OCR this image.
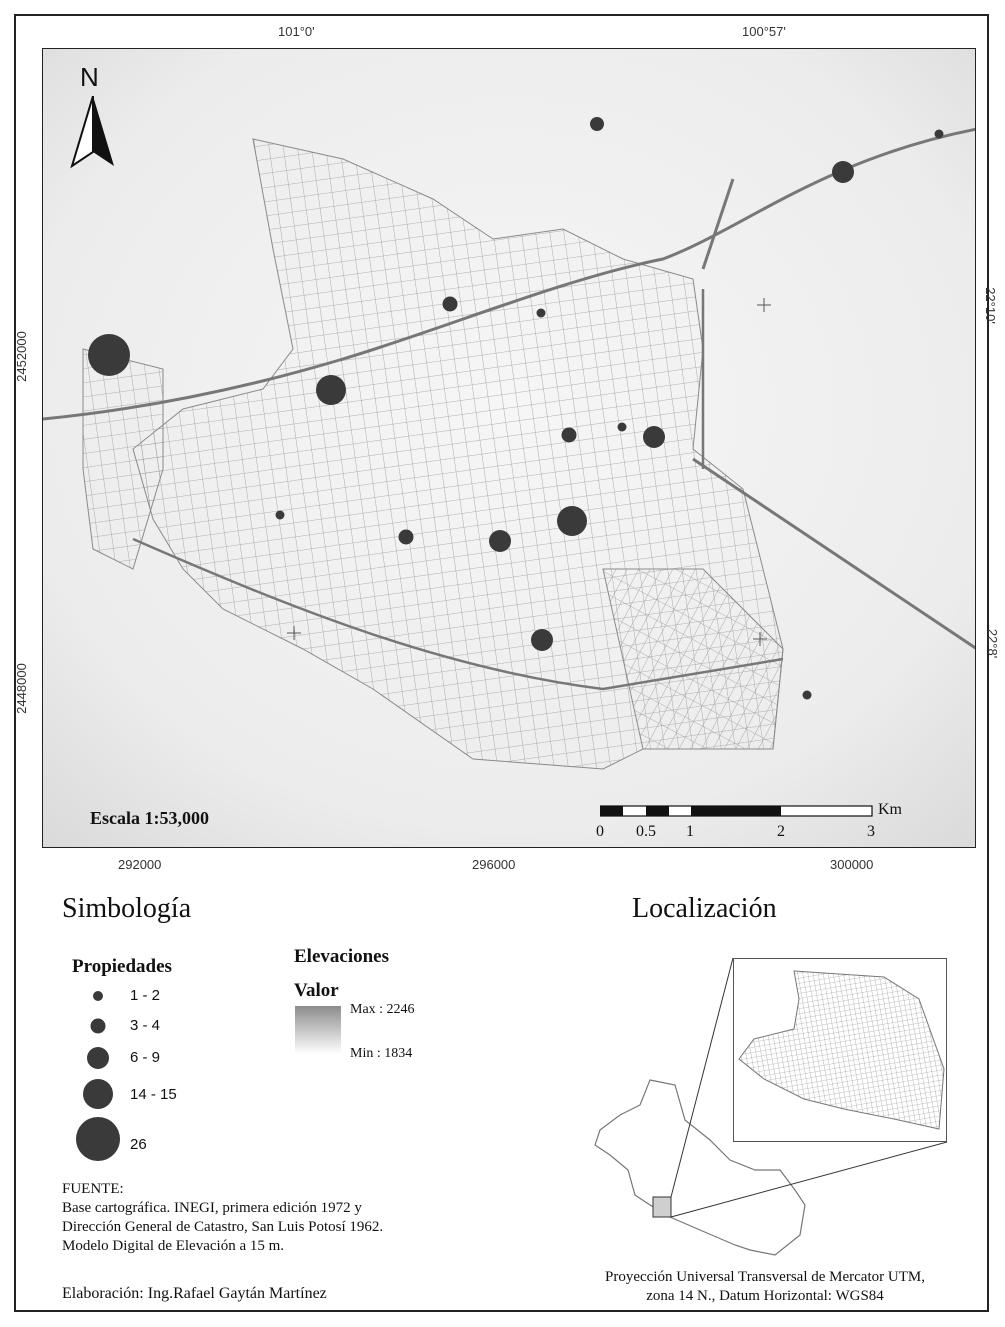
101°0'	100°57'
2452000
2448000
22°10'
22°8'
292000	296000	300000
N
Escala 1:53,000	Km
0 0.5 1	2	3
Simbología	Localización
Propiedades
1 - 2
3 - 4
6 - 9
14 - 15
26
Elevaciones
Valor
Max : 2246
Min : 1834
FUENTE:
Base cartográfica. INEGI, primera edición 1972 y
Dirección General de Catastro, San Luis Potosí 1962.
Modelo Digital de Elevación a 15 m.
Elaboración: Ing.Rafael Gaytán Martínez
Proyección Universal Transversal de Mercator UTM,
zona 14 N., Datum Horizontal: WGS84
